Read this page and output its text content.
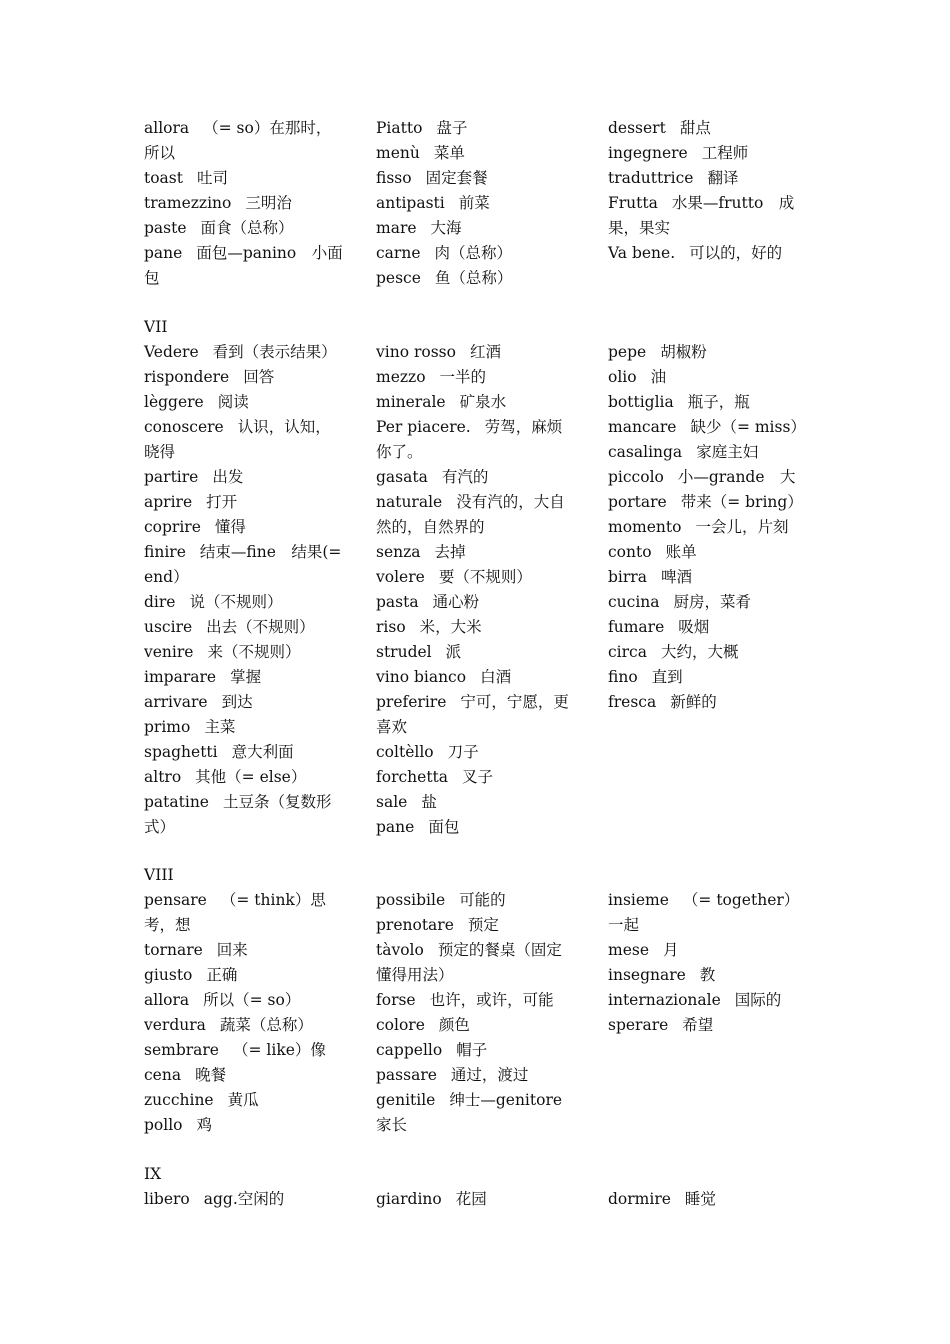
allora （= so）在那时，所以
toast 吐司
tramezzino 三明治
paste 面食（总称）
pane 面包—panino　小面包
Piatto 盘子
menù 菜单
fisso 固定套餐
antipasti 前菜
mare 大海
carne 肉（总称）
pesce 鱼（总称）
dessert 甜点
ingegnere 工程师
traduttrice 翻译
Frutta 水果—frutto　成果，果实
Va bene. 可以的，好的
VII
Vedere 看到（表示结果）
rispondere 回答
lèggere 阅读
conoscere 认识，认知，晓得
partire 出发
aprire 打开
coprire 懂得
finire 结束—fine　结果(= end）
dire 说（不规则）
uscire 出去（不规则）
venire 来（不规则）
imparare 掌握
arrivare 到达
primo 主菜
spaghetti 意大利面
altro 其他（= else）
patatine 土豆条（复数形式）
vino rosso 红酒
mezzo 一半的
minerale 矿泉水
Per piacere. 劳驾，麻烦你了。
gasata 有汽的
naturale 没有汽的，大自然的，自然界的
senza 去掉
volere 要（不规则）
pasta 通心粉
riso 米，大米
strudel 派
vino bianco 白酒
preferire 宁可，宁愿，更喜欢
coltèllo 刀子
forchetta 叉子
sale 盐
pane 面包
pepe 胡椒粉
olio 油
bottiglia 瓶子，瓶
mancare 缺少（= miss）
casalinga 家庭主妇
piccolo 小—grande　大
portare 带来（= bring）
momento 一会儿，片刻
conto 账单
birra 啤酒
cucina 厨房，菜肴
fumare 吸烟
circa 大约，大概
fino 直到
fresca 新鲜的
VIII
pensare （= think）思考，想
tornare 回来
giusto 正确
allora 所以（= so）
verdura 蔬菜（总称）
sembrare （= like）像
cena 晚餐
zucchine 黄瓜
pollo 鸡
possibile 可能的
prenotare 预定
tàvolo 预定的餐桌（固定懂得用法）
forse 也许，或许，可能
colore 颜色
cappello 帽子
passare 通过，渡过
genitile 绅士—genitore　家长
insieme （= together）一起
mese 月
insegnare 教
internazionale 国际的
sperare 希望
IX
libero agg.空闲的	giardino 花园	dormire 睡觉
